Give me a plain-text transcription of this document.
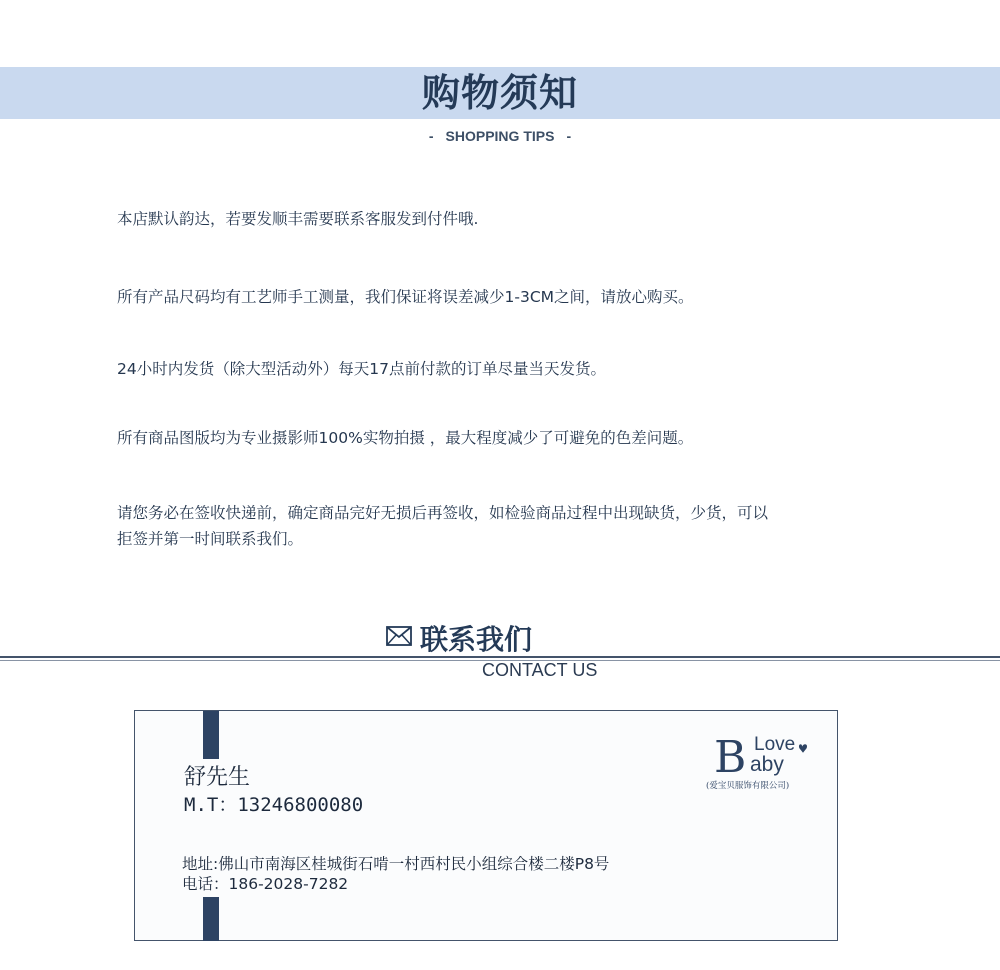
购物须知
- SHOPPING TIPS -
本店默认韵达，若要发顺丰需要联系客服发到付件哦.
所有产品尺码均有工艺师手工测量，我们保证将误差减少1-3CM之间，请放心购买。
24小时内发货（除大型活动外）每天17点前付款的订单尽量当天发货。
所有商品图版均为专业摄影师100%实物拍摄 ，最大程度减少了可避免的色差问题。
请您务必在签收快递前，确定商品完好无损后再签收，如检验商品过程中出现缺货，少货，可以
拒签并第一时间联系我们。
联系我们
CONTACT US
舒先生
M.T：13246800080
地址:佛山市南海区桂城街石啃一村西村民小组综合楼二楼P8号
电话：186-2028-7282
B Love
aby
(爱宝贝服饰有限公司)
